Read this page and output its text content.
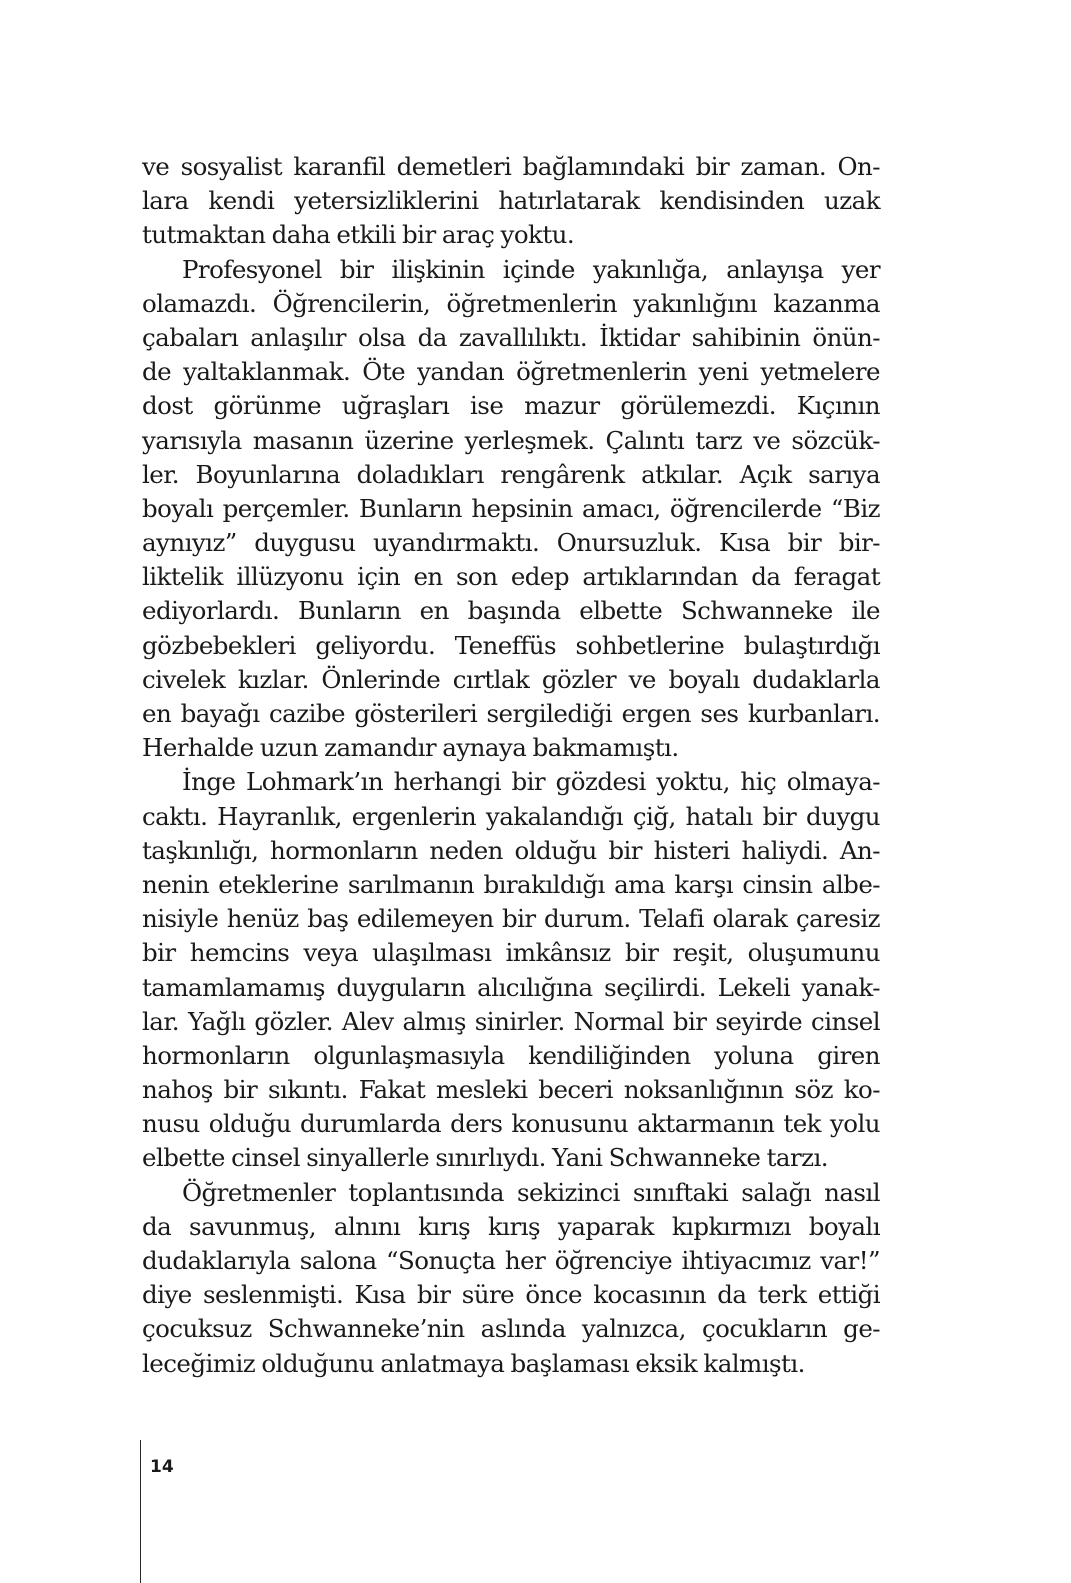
ve sosyalist karanfil demetleri bağlamındaki bir zaman. On-
lara kendi yetersizliklerini hatırlatarak kendisinden uzak
tutmaktan daha etkili bir araç yoktu.
Profesyonel bir ilişkinin içinde yakınlığa, anlayışa yer
olamazdı. Öğrencilerin, öğretmenlerin yakınlığını kazanma
çabaları anlaşılır olsa da zavallılıktı. İktidar sahibinin önün-
de yaltaklanmak. Öte yandan öğretmenlerin yeni yetmelere
dost görünme uğraşları ise mazur görülemezdi. Kıçının
yarısıyla masanın üzerine yerleşmek. Çalıntı tarz ve sözcük-
ler. Boyunlarına doladıkları rengârenk atkılar. Açık sarıya
boyalı perçemler. Bunların hepsinin amacı, öğrencilerde “Biz
aynıyız” duygusu uyandırmaktı. Onursuzluk. Kısa bir bir-
liktelik illüzyonu için en son edep artıklarından da feragat
ediyorlardı. Bunların en başında elbette Schwanneke ile
gözbebekleri geliyordu. Teneffüs sohbetlerine bulaştırdığı
civelek kızlar. Önlerinde cırtlak gözler ve boyalı dudaklarla
en bayağı cazibe gösterileri sergilediği ergen ses kurbanları.
Herhalde uzun zamandır aynaya bakmamıştı.
İnge Lohmark’ın herhangi bir gözdesi yoktu, hiç olmaya-
caktı. Hayranlık, ergenlerin yakalandığı çiğ, hatalı bir duygu
taşkınlığı, hormonların neden olduğu bir histeri haliydi. An-
nenin eteklerine sarılmanın bırakıldığı ama karşı cinsin albe-
nisiyle henüz baş edilemeyen bir durum. Telafi olarak çaresiz
bir hemcins veya ulaşılması imkânsız bir reşit, oluşumunu
tamamlamamış duyguların alıcılığına seçilirdi. Lekeli yanak-
lar. Yağlı gözler. Alev almış sinirler. Normal bir seyirde cinsel
hormonların olgunlaşmasıyla kendiliğinden yoluna giren
nahoş bir sıkıntı. Fakat mesleki beceri noksanlığının söz ko-
nusu olduğu durumlarda ders konusunu aktarmanın tek yolu
elbette cinsel sinyallerle sınırlıydı. Yani Schwanneke tarzı.
Öğretmenler toplantısında sekizinci sınıftaki salağı nasıl
da savunmuş, alnını kırış kırış yaparak kıpkırmızı boyalı
dudaklarıyla salona “Sonuçta her öğrenciye ihtiyacımız var!”
diye seslenmişti. Kısa bir süre önce kocasının da terk ettiği
çocuksuz Schwanneke’nin aslında yalnızca, çocukların ge-
leceğimiz olduğunu anlatmaya başlaması eksik kalmıştı.
14
